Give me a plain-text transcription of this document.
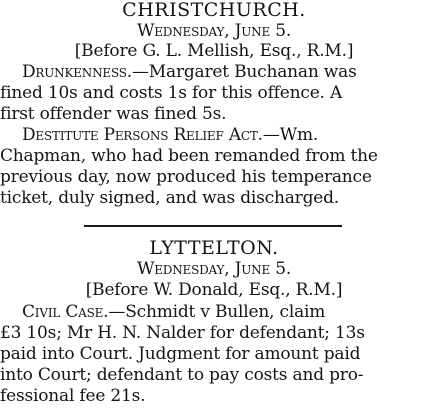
CHRISTCHURCH.
Wednesday, June 5.
[Before G. L. Mellish, Esq., R.M.]
Drunkenness.—Margaret Buchanan was
fined 10s and costs 1s for this offence. A
first offender was fined 5s.
Destitute Persons Relief Act.—Wm.
Chapman, who had been remanded from the
previous day, now produced his temperance
ticket, duly signed, and was discharged.
LYTTELTON.
Wednesday, June 5.
[Before W. Donald, Esq., R.M.]
Civil Case.—Schmidt v Bullen, claim
£3 10s; Mr H. N. Nalder for defendant; 13s
paid into Court. Judgment for amount paid
into Court; defendant to pay costs and pro-
fessional fee 21s.
